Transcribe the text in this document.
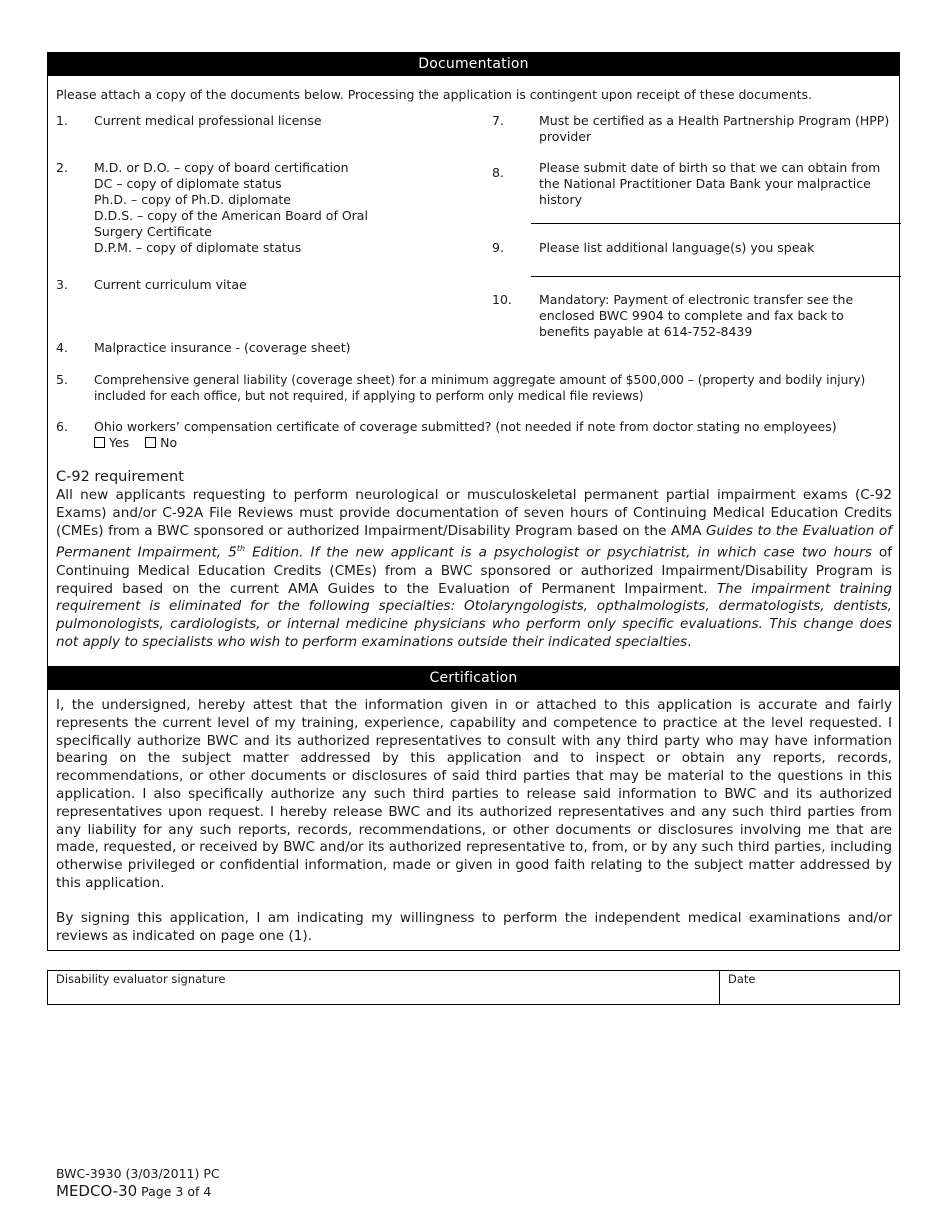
Documentation
Please attach a copy of the documents below. Processing the application is contingent upon receipt of these documents.
1. Current medical professional license
2. M.D. or D.O. – copy of board certification
DC – copy of diplomate status
Ph.D. – copy of Ph.D. diplomate
D.D.S. – copy of the American Board of Oral
Surgery Certificate
D.P.M. – copy of diplomate status
3. Current curriculum vitae
4. Malpractice insurance - (coverage sheet)
5. Comprehensive general liability (coverage sheet) for a minimum aggregate amount of $500,000 – (property and bodily injury)
included for each office, but not required, if applying to perform only medical file reviews)
6. Ohio workers’ compensation certificate of coverage submitted? (not needed if note from doctor stating no employees)
Yes No
7.	Must be certified as a Health Partnership Program (HPP)
provider
8.	Please submit date of birth so that we can obtain from
the National Practitioner Data Bank your malpractice
history
9.	Please list additional language(s) you speak
10. Mandatory: Payment of electronic transfer see the
enclosed BWC 9904 to complete and fax back to
benefits payable at 614-752-8439
C-92 requirement
All new applicants requesting to perform neurological or musculoskeletal permanent partial impairment exams (C-92 Exams) and/or C-92A File Reviews must provide documentation of seven hours of Continuing Medical Education Credits (CMEs) from a BWC sponsored or authorized Impairment/Disability Program based on the AMA Guides to the Evaluation of Permanent Impairment, 5th Edition. If the new applicant is a psychologist or psychiatrist, in which case two hours of Continuing Medical Education Credits (CMEs) from a BWC sponsored or authorized Impairment/Disability Program is required based on the current AMA Guides to the Evaluation of Permanent Impairment. The impairment training requirement is eliminated for the following specialties: Otolaryngologists, opthalmologists, dermatologists, dentists, pulmonologists, cardiologists, or internal medicine physicians who perform only specific evaluations. This change does not apply to specialists who wish to perform examinations outside their indicated specialties.
Certification

I, the undersigned, hereby attest that the information given in or attached to this application is accurate and fairly represents the current level of my training, experience, capability and competence to practice at the level requested. I specifically authorize BWC and its authorized representatives to consult with any third party who may have information bearing on the subject matter addressed by this application and to inspect or obtain any reports, records, recommendations, or other documents or disclosures of said third parties that may be material to the questions in this application. I also specifically authorize any such third parties to release said information to BWC and its authorized representatives upon request. I hereby release BWC and its authorized representatives and any such third parties from any liability for any such reports, records, recommendations, or other documents or disclosures involving me that are made, requested, or received by BWC and/or its authorized representative to, from, or by any such third parties, including otherwise privileged or confidential information, made or given in good faith relating to the subject matter addressed by this application.

By signing this application, I am indicating my willingness to perform the independent medical examinations and/or reviews as indicated on page one (1).

Disability evaluator signature	Date
BWC-3930 (3/03/2011) PC
MEDCO-30 Page 3 of 4
